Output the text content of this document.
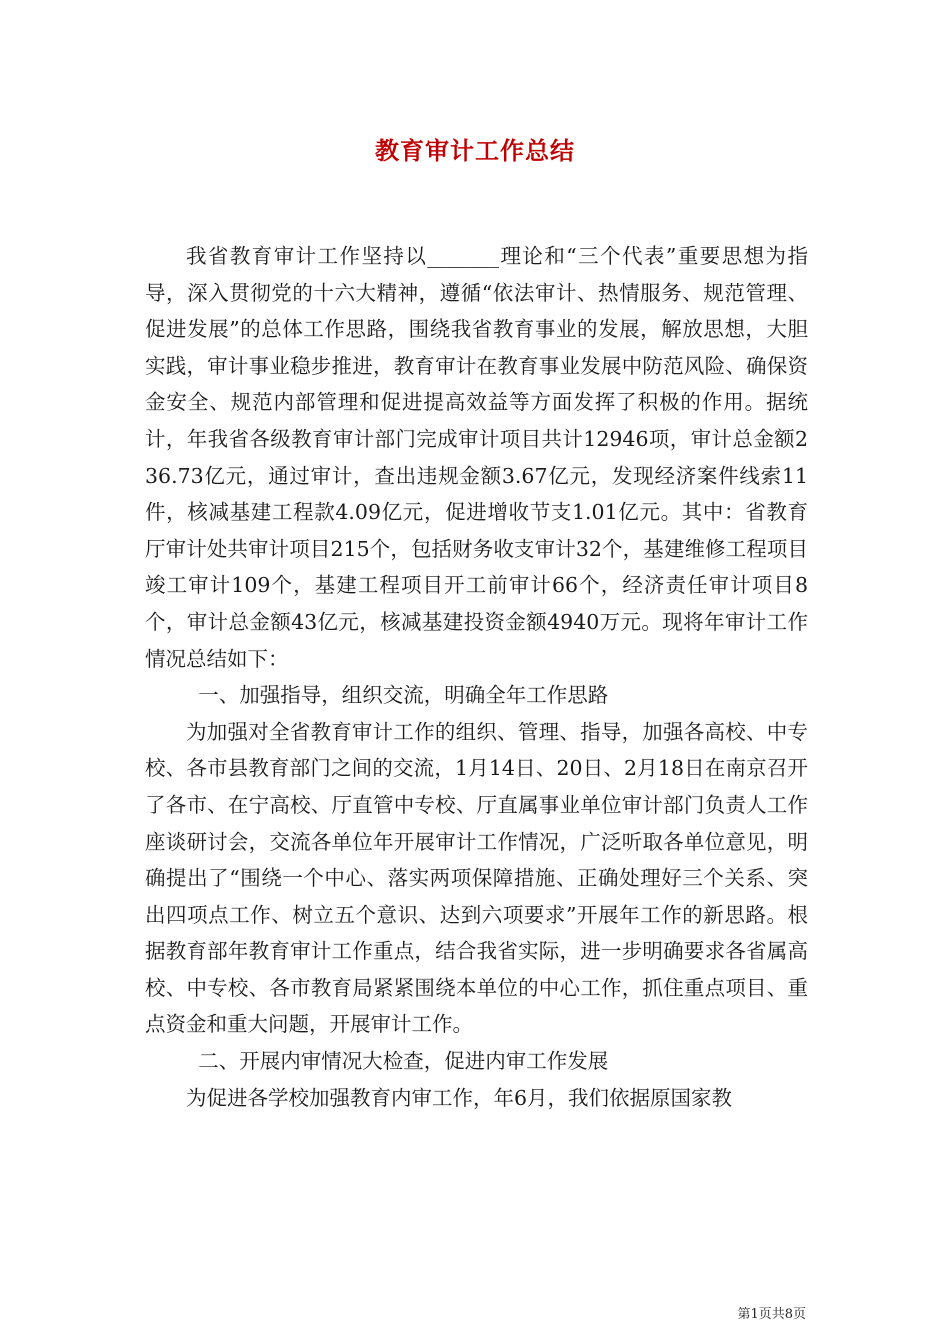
教育审计工作总结

我省教育审计工作坚持以_______理论和“三个代表”重要思想为指导，深入贯彻党的十六大精神，遵循“依法审计、热情服务、规范管理、促进发展”的总体工作思路，围绕我省教育事业的发展，解放思想，大胆实践，审计事业稳步推进，教育审计在教育事业发展中防范风险、确保资金安全、规范内部管理和促进提高效益等方面发挥了积极的作用。据统计，年我省各级教育审计部门完成审计项目共计12946项，审计总金额236.73亿元，通过审计，查出违规金额3.67亿元，发现经济案件线索11件，核减基建工程款4.09亿元，促进增收节支1.01亿元。其中：省教育厅审计处共审计项目215个，包括财务收支审计32个，基建维修工程项目竣工审计109个，基建工程项目开工前审计66个，经济责任审计项目8个，审计总金额43亿元，核减基建投资金额4940万元。现将年审计工作情况总结如下：

一、加强指导，组织交流，明确全年工作思路

为加强对全省教育审计工作的组织、管理、指导，加强各高校、中专校、各市县教育部门之间的交流，1月14日、20日、2月18日在南京召开了各市、在宁高校、厅直管中专校、厅直属事业单位审计部门负责人工作座谈研讨会，交流各单位年开展审计工作情况，广泛听取各单位意见，明确提出了“围绕一个中心、落实两项保障措施、正确处理好三个关系、突出四项点工作、树立五个意识、达到六项要求”开展年工作的新思路。根据教育部年教育审计工作重点，结合我省实际，进一步明确要求各省属高校、中专校、各市教育局紧紧围绕本单位的中心工作，抓住重点项目、重点资金和重大问题，开展审计工作。

二、开展内审情况大检查，促进内审工作发展

为促进各学校加强教育内审工作，年6月，我们依据原国家教

第1页共8页
